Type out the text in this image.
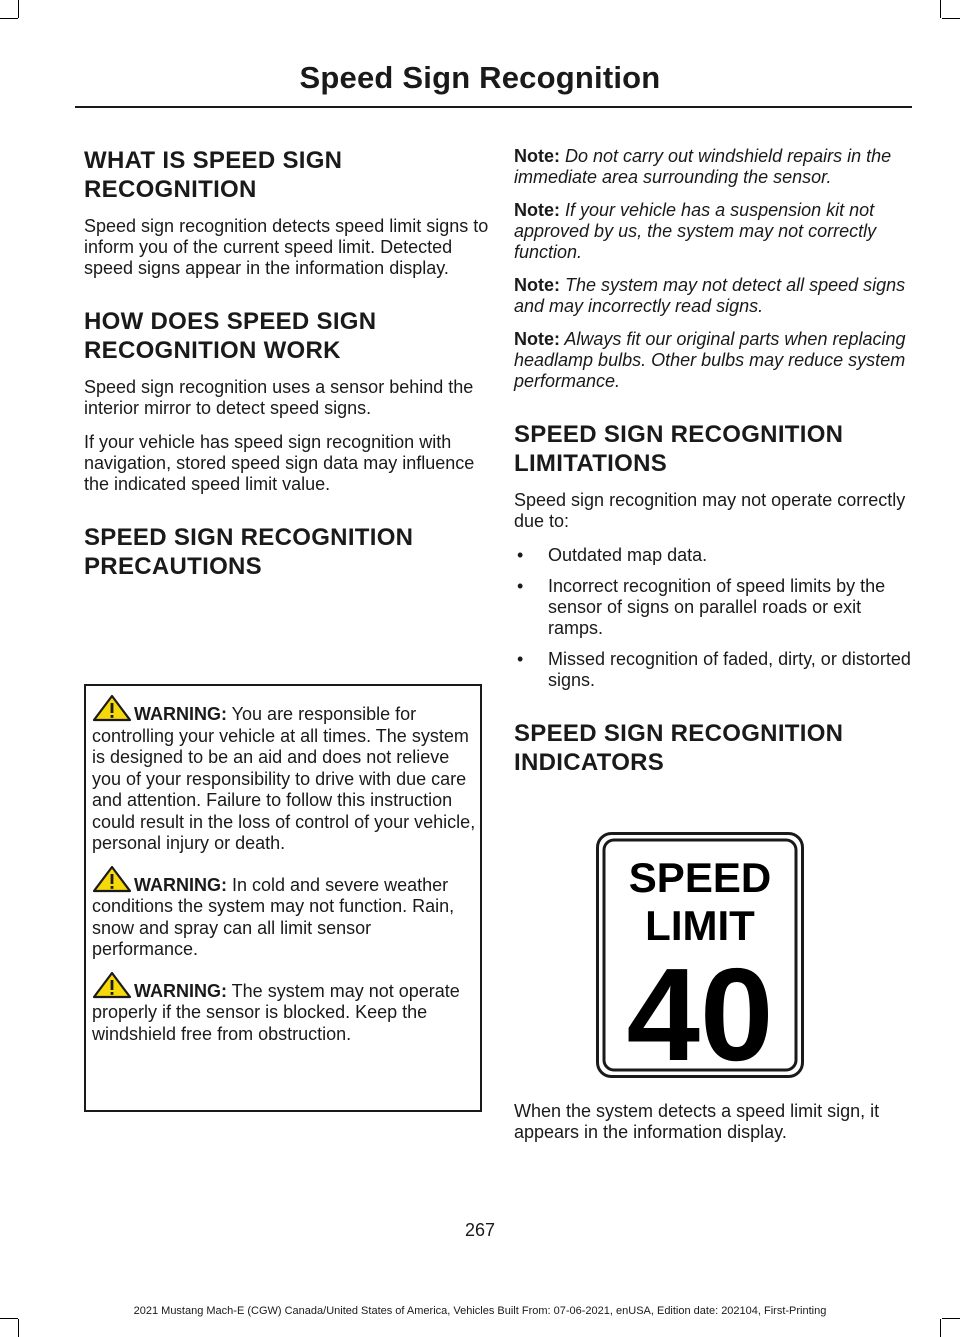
Speed Sign Recognition
WHAT IS SPEED SIGN
RECOGNITION

Speed sign recognition detects speed limit signs to inform you of the current speed limit. Detected speed signs appear in the information display.

HOW DOES SPEED SIGN
RECOGNITION WORK

Speed sign recognition uses a sensor behind the interior mirror to detect speed signs.

If your vehicle has speed sign recognition with navigation, stored speed sign data may influence the indicated speed limit value.

SPEED SIGN RECOGNITION
PRECAUTIONS

WARNING: You are responsible for controlling your vehicle at all times. The system is designed to be an aid and does not relieve you of your responsibility to drive with due care and attention. Failure to follow this instruction could result in the loss of control of your vehicle, personal injury or death.

WARNING: In cold and severe weather conditions the system may not function. Rain, snow and spray can all limit sensor performance.

WARNING: The system may not operate properly if the sensor is blocked. Keep the windshield free from obstruction.

Note: Do not carry out windshield repairs in the immediate area surrounding the sensor.

Note: If your vehicle has a suspension kit not approved by us, the system may not correctly function.

Note: The system may not detect all speed signs and may incorrectly read signs.

Note: Always fit our original parts when replacing headlamp bulbs. Other bulbs may reduce system performance.

SPEED SIGN RECOGNITION
LIMITATIONS

Speed sign recognition may not operate correctly due to:

• Outdated map data.
• Incorrect recognition of speed limits by the sensor of signs on parallel roads or exit ramps.
• Missed recognition of faded, dirty, or distorted signs.
SPEED SIGN RECOGNITION
INDICATORS
SPEED
LIMIT
40

When the system detects a speed limit sign, it appears in the information display.

267
2021 Mustang Mach-E (CGW) Canada/United States of America, Vehicles Built From: 07-06-2021, enUSA, Edition date: 202104, First-Printing
